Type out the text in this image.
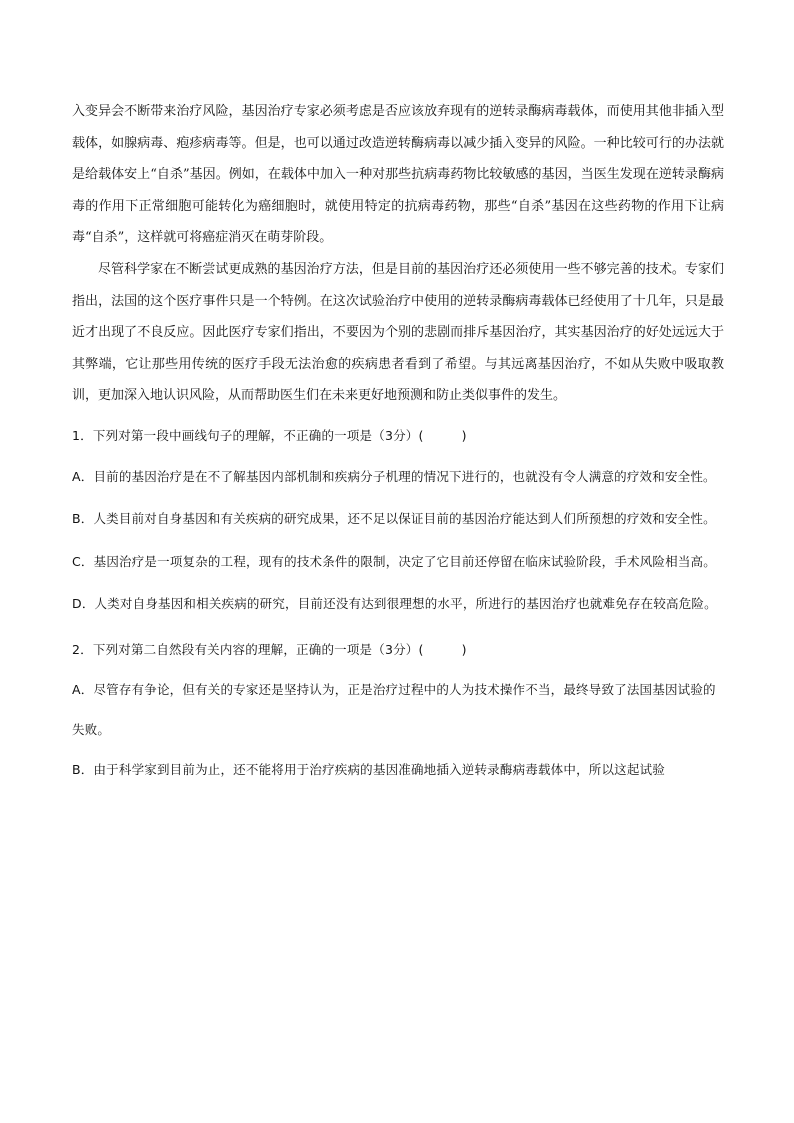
入变异会不断带来治疗风险，基因治疗专家必须考虑是否应该放弃现有的逆转录酶病毒载体，而使用其他非插入型载体，如腺病毒、疱疹病毒等。但是，也可以通过改造逆转酶病毒以减少插入变异的风险。一种比较可行的办法就是给载体安上“自杀”基因。例如，在载体中加入一种对那些抗病毒药物比较敏感的基因，当医生发现在逆转录酶病毒的作用下正常细胞可能转化为癌细胞时，就使用特定的抗病毒药物，那些“自杀”基因在这些药物的作用下让病毒“自杀”，这样就可将癌症消灭在萌芽阶段。

尽管科学家在不断尝试更成熟的基因治疗方法，但是目前的基因治疗还必须使用一些不够完善的技术。专家们指出，法国的这个医疗事件只是一个特例。在这次试验治疗中使用的逆转录酶病毒载体已经使用了十几年，只是最近才出现了不良反应。因此医疗专家们指出，不要因为个别的悲剧而排斥基因治疗，其实基因治疗的好处远远大于其弊端，它让那些用传统的医疗手段无法治愈的疾病患者看到了希望。与其远离基因治疗，不如从失败中吸取教训，更加深入地认识风险，从而帮助医生们在未来更好地预测和防止类似事件的发生。

1．下列对第一段中画线句子的理解，不正确的一项是（3分）(　　　)

A．目前的基因治疗是在不了解基因内部机制和疾病分子机理的情况下进行的，也就没有令人满意的疗效和安全性。

B．人类目前对自身基因和有关疾病的研究成果，还不足以保证目前的基因治疗能达到人们所预想的疗效和安全性。

C．基因治疗是一项复杂的工程，现有的技术条件的限制，决定了它目前还停留在临床试验阶段，手术风险相当高。

D．人类对自身基因和相关疾病的研究，目前还没有达到很理想的水平，所进行的基因治疗也就难免存在较高危险。

2．下列对第二自然段有关内容的理解，正确的一项是（3分）(　　　)

A．尽管存有争论，但有关的专家还是坚持认为，正是治疗过程中的人为技术操作不当，最终导致了法国基因试验的失败。

B．由于科学家到目前为止，还不能将用于治疗疾病的基因准确地插入逆转录酶病毒载体中，所以这起试验
